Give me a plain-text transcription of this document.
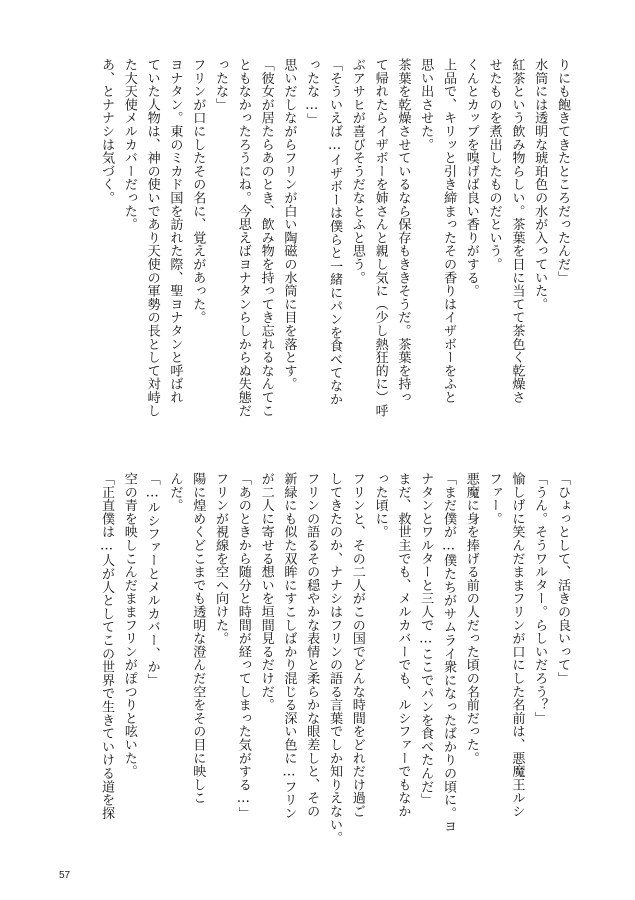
りにも飽きてきたところだったんだ」
水筒には透明な琥珀色の水が入っていた。
紅茶という飲み物らしい。茶葉を日に当てて茶色く乾燥さ
せたものを煮出したものだという。
くんとカップを嗅げば良い香りがする。
上品で、キリッと引き締まったその香りはイザボーをふと
思い出させた。
茶葉を乾燥させているなら保存もききそうだ。茶葉を持っ
て帰れたらイザボーを姉さんと親し気に（少し熱狂的に）呼
ぶアサヒが喜びそうだなとふと思う。
「そういえば…イザボーは僕らと一緒にパンを食べてなか
ったな…」
思いだしながらフリンが白い陶磁の水筒に目を落とす。
「彼女が居たらあのとき、飲み物を持ってき忘れるなんてこ
ともなかったろうにね。今思えばヨナタンらしからぬ失態だ
ったな」
フリンが口にしたその名に、覚えがあった。
ヨナタン。東のミカド国を訪れた際、聖ヨナタンと呼ばれ
ていた人物は、神の使いであり天使の軍勢の長として対峙し
た大天使メルカバーだった。
あ、とナナシは気づく。
「ひょっとして、活きの良いって」
「うん。そうワルター。らしいだろう？」
愉しげに笑んだままフリンが口にした名前は、悪魔王ルシ
ファー。
悪魔に身を捧げる前の人だった頃の名前だった。
「まだ僕が…僕たちがサムライ衆になったばかりの頃に。ヨ
ナタンとワルターと三人で…ここでパンを食べたんだ」
まだ、救世主でも、メルカバーでも、ルシファーでもなか
った頃に。
フリンと、その二人がこの国でどんな時間をどれだけ過ご
してきたのか、ナナシはフリンの語る言葉でしか知りえない。
フリンの語るその穏やかな表情と柔らかな眼差しと、その
新緑にも似た双眸にすこしばかり混じる深い色に…フリン
が二人に寄せる想いを垣間見るだけだ。
「あのときから随分と時間が経ってしまった気がする…」
フリンが視線を空へ向けた。
陽に煌めくどこまでも透明な澄んだ空をその目に映しこ
んだ。
「…ルシファーとメルカバー、か」
空の青を映しこんだままフリンがぽつりと呟いた。
「正直僕は…人が人としてこの世界で生きていける道を探
57
